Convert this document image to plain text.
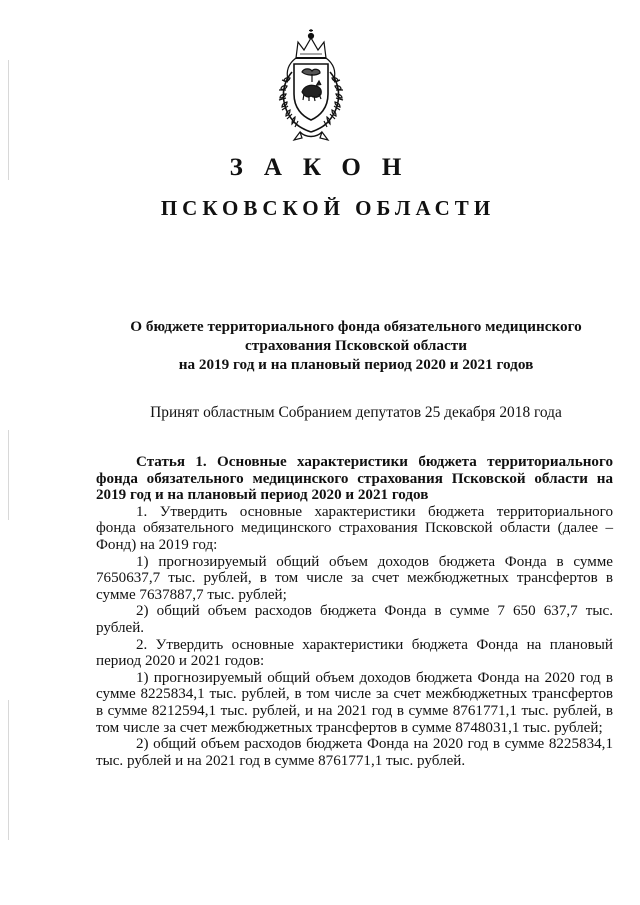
ЗАКОН
ПСКОВСКОЙ ОБЛАСТИ
О бюджете территориального фонда обязательного медицинского
страхования Псковской области
на 2019 год и на плановый период 2020 и 2021 годов
Принят областным Собранием депутатов 25 декабря 2018 года

Статья 1. Основные характеристики бюджета территориального фонда обязательного медицинского страхования Псковской области на 2019 год и на плановый период 2020 и 2021 годов

1. Утвердить основные характеристики бюджета территориального фонда обязательного медицинского страхования Псковской области (далее – Фонд) на 2019 год:

1) прогнозируемый общий объем доходов бюджета Фонда в сумме 7650637,7 тыс. рублей, в том числе за счет межбюджетных трансфертов в сумме 7637887,7 тыс. рублей;

2) общий объем расходов бюджета Фонда в сумме 7 650 637,7 тыс. рублей.

2. Утвердить основные характеристики бюджета Фонда на плановый период 2020 и 2021 годов:

1) прогнозируемый общий объем доходов бюджета Фонда на 2020 год в сумме 8225834,1 тыс. рублей, в том числе за счет межбюджетных трансфертов в сумме 8212594,1 тыс. рублей, и на 2021 год в сумме 8761771,1 тыс. рублей, в том числе за счет межбюджетных трансфертов в сумме 8748031,1 тыс. рублей;

2) общий объем расходов бюджета Фонда на 2020 год в сумме 8225834,1 тыс. рублей и на 2021 год в сумме 8761771,1 тыс. рублей.
